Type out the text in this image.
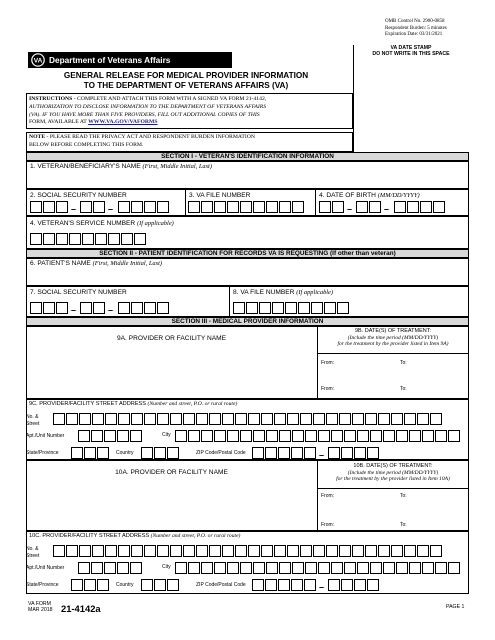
OMB Control No. 2900-0858
Respondent Burden: 5 minutes
Expiration Date: 03/31/2021
VA Department of Veterans Affairs
VA DATE STAMP
DO NOT WRITE IN THIS SPACE
GENERAL RELEASE FOR MEDICAL PROVIDER INFORMATION
TO THE DEPARTMENT OF VETERANS AFFAIRS (VA)
INSTRUCTIONS - COMPLETE AND ATTACH THIS FORM WITH A SIGNED VA FORM 21-4142,
AUTHORIZATION TO DISCLOSE INFORMATION TO THE DEPARTMENT OF VETERANS AFFAIRS
(VA). IF YOU HAVE MORE THAN FIVE PROVIDERS, FILL OUT ADDITIONAL COPIES OF THIS
FORM, AVAILABLE AT WWW.VA.GOV/VAFORMS
NOTE - PLEASE READ THE PRIVACY ACT AND RESPONDENT BURDEN INFORMATION
BELOW BEFORE COMPLETING THIS FORM.
SECTION I - VETERAN'S IDENTIFICATION INFORMATION
1. VETERAN/BENEFICIARY'S NAME (First, Middle Initial, Last)
2. SOCIAL SECURITY NUMBER	3. VA FILE NUMBER	4. DATE OF BIRTH (MM/DD/YYYY)
–	–	–	–
4. VETERAN'S SERVICE NUMBER (If applicable)
SECTION II - PATIENT IDENTIFICATION FOR RECORDS VA IS REQUESTING (If other than veteran)
6. PATIENT'S NAME (First, Middle Initial, Last)
7. SOCIAL SECURITY NUMBER	8. VA FILE NUMBER (If applicable)
–	–
SECTION III - MEDICAL PROVIDER INFORMATION
9A. PROVIDER OR FACILITY NAME
9B. DATE(S) OF TREATMENT:
(Include the time period (MM/DD/YYYY)
for the treatment by the provider listed in Item 9A)
From:	To:
From:	To:
9C. PROVIDER/FACILITY STREET ADDRESS (Number and street, P.O. or rural route)
No. &
Street
Apt./Unit Number	City
State/Province	Country	ZIP Code/Postal Code	–
10A. PROVIDER OR FACILITY NAME
10B. DATE(S) OF TREATMENT:
(Include the time period (MM/DD/YYYY)
for the treatment by the provider listed in Item 10A)
From:	To:
From:	To:
10C. PROVIDER/FACILITY STREET ADDRESS (Number and street, P.O. or rural route)
No. &
Street
Apt./Unit Number	City
State/Province	Country	ZIP Code/Postal Code	–
VA FORM
MAR 2018 21-4142a	PAGE 1
